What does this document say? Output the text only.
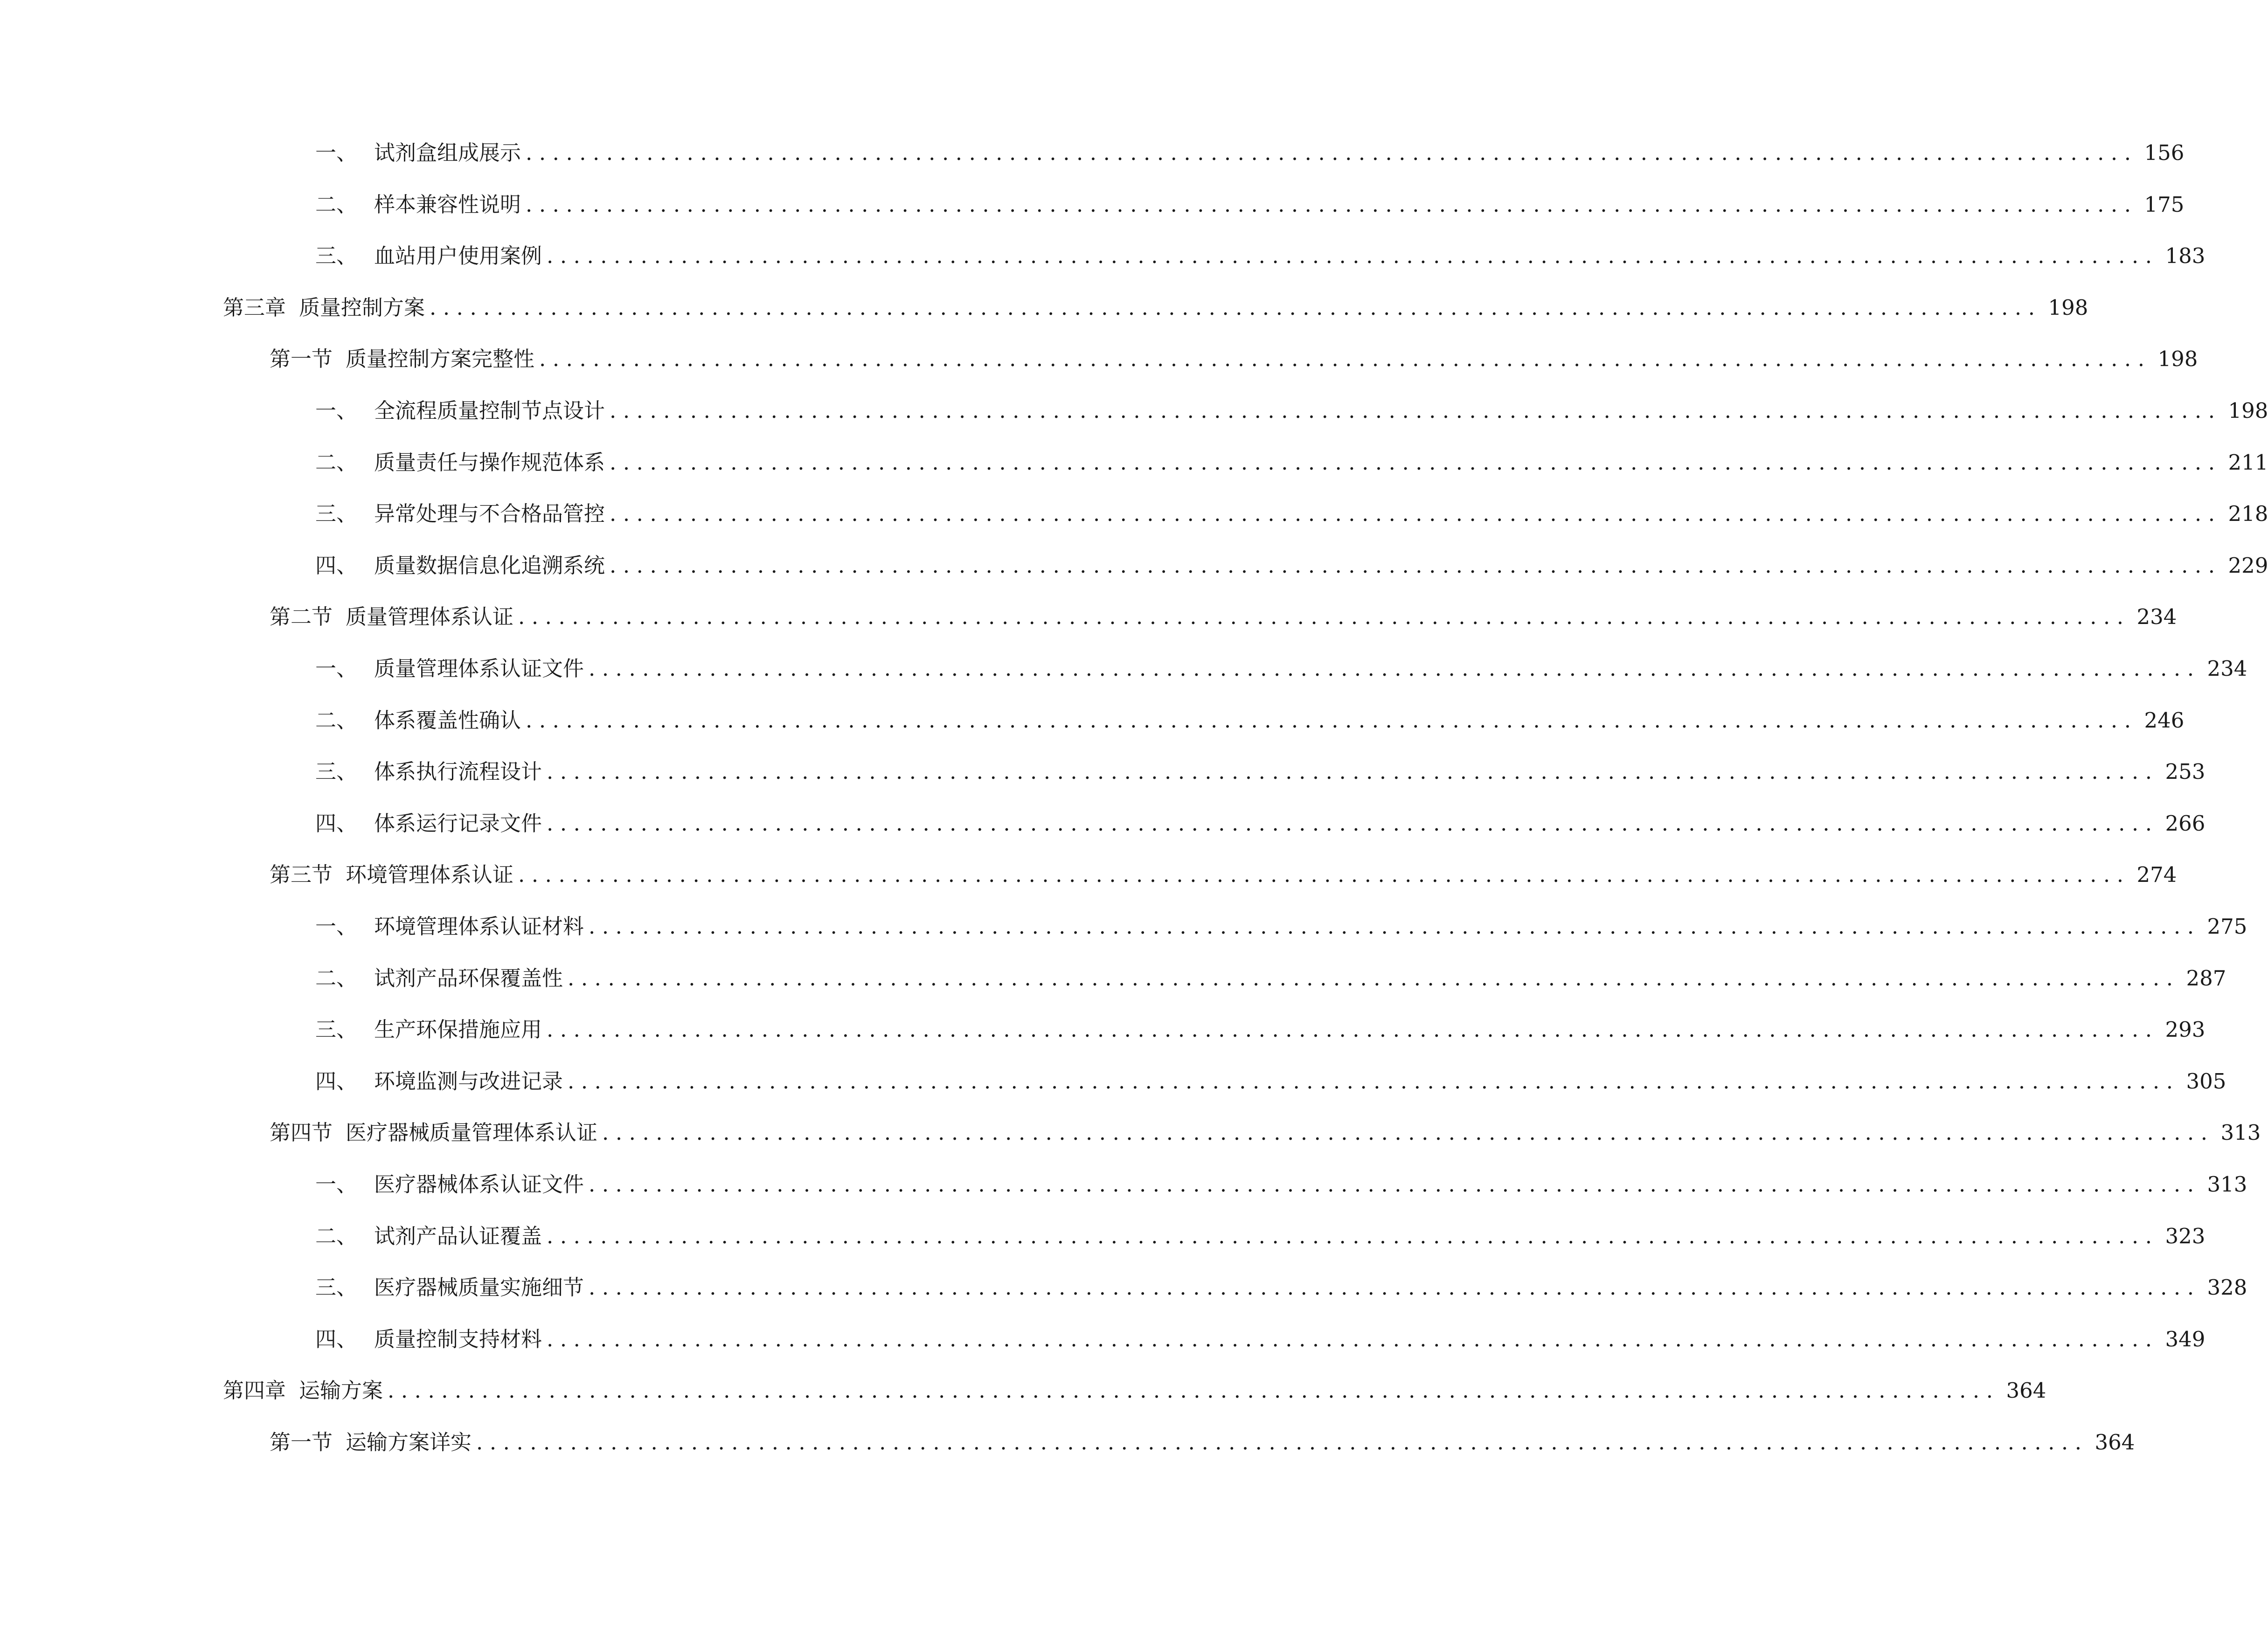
一、 试剂盒组成展示 ........................................................................................................................ 156
二、 样本兼容性说明 ........................................................................................................................ 175
三、 血站用户使用案例 ........................................................................................................................ 183
第三章 质量控制方案 ........................................................................................................................ 198
第一节 质量控制方案完整性 ........................................................................................................................ 198
一、 全流程质量控制节点设计 ........................................................................................................................ 198
二、 质量责任与操作规范体系 ........................................................................................................................ 211
三、 异常处理与不合格品管控 ........................................................................................................................ 218
四、 质量数据信息化追溯系统 ........................................................................................................................ 229
第二节 质量管理体系认证 ........................................................................................................................ 234
一、 质量管理体系认证文件 ........................................................................................................................ 234
二、 体系覆盖性确认 ........................................................................................................................ 246
三、 体系执行流程设计 ........................................................................................................................ 253
四、 体系运行记录文件 ........................................................................................................................ 266
第三节 环境管理体系认证 ........................................................................................................................ 274
一、 环境管理体系认证材料 ........................................................................................................................ 275
二、 试剂产品环保覆盖性 ........................................................................................................................ 287
三、 生产环保措施应用 ........................................................................................................................ 293
四、 环境监测与改进记录 ........................................................................................................................ 305
第四节 医疗器械质量管理体系认证 ........................................................................................................................ 313
一、 医疗器械体系认证文件 ........................................................................................................................ 313
二、 试剂产品认证覆盖 ........................................................................................................................ 323
三、 医疗器械质量实施细节 ........................................................................................................................ 328
四、 质量控制支持材料 ........................................................................................................................ 349
第四章 运输方案 ........................................................................................................................ 364
第一节 运输方案详实 ........................................................................................................................ 364
